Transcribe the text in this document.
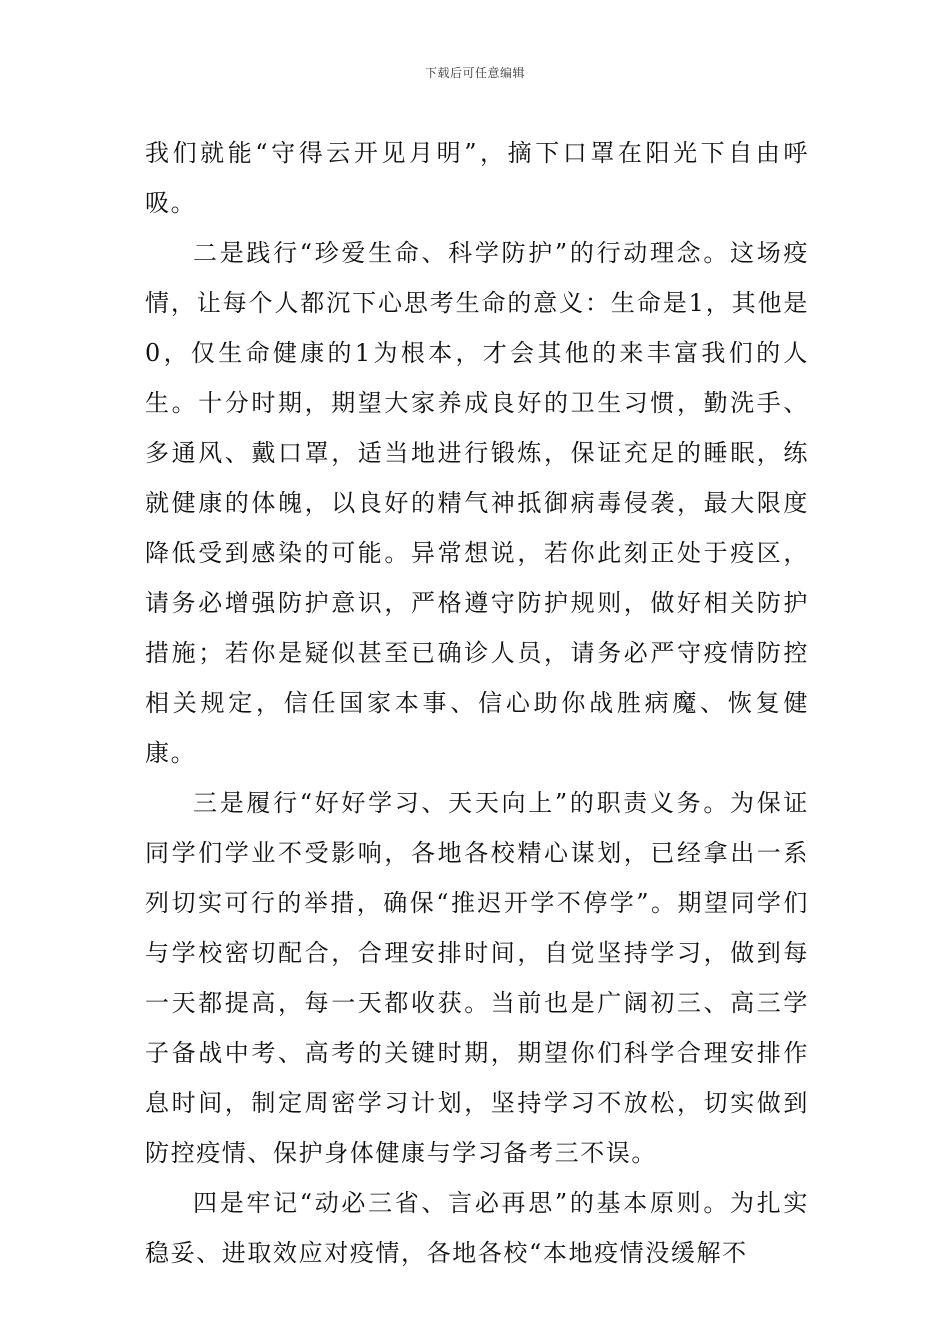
下载后可任意编辑

我们就能“守得云开见月明”，摘下口罩在阳光下自由呼吸。

二是践行“珍爱生命、科学防护”的行动理念。这场疫情，让每个人都沉下心思考生命的意义：生命是1，其他是0，仅生命健康的1为根本，才会其他的来丰富我们的人生。十分时期，期望大家养成良好的卫生习惯，勤洗手、多通风、戴口罩，适当地进行锻炼，保证充足的睡眠，练就健康的体魄，以良好的精气神抵御病毒侵袭，最大限度降低受到感染的可能。异常想说，若你此刻正处于疫区，请务必增强防护意识，严格遵守防护规则，做好相关防护措施；若你是疑似甚至已确诊人员，请务必严守疫情防控相关规定，信任国家本事、信心助你战胜病魔、恢复健康。

三是履行“好好学习、天天向上”的职责义务。为保证同学们学业不受影响，各地各校精心谋划，已经拿出一系列切实可行的举措，确保“推迟开学不停学”。期望同学们与学校密切配合，合理安排时间，自觉坚持学习，做到每一天都提高，每一天都收获。当前也是广阔初三、高三学子备战中考、高考的关键时期，期望你们科学合理安排作息时间，制定周密学习计划，坚持学习不放松，切实做到防控疫情、保护身体健康与学习备考三不误。

四是牢记“动必三省、言必再思”的基本原则。为扎实稳妥、进取效应对疫情，各地各校“本地疫情没缓解不
